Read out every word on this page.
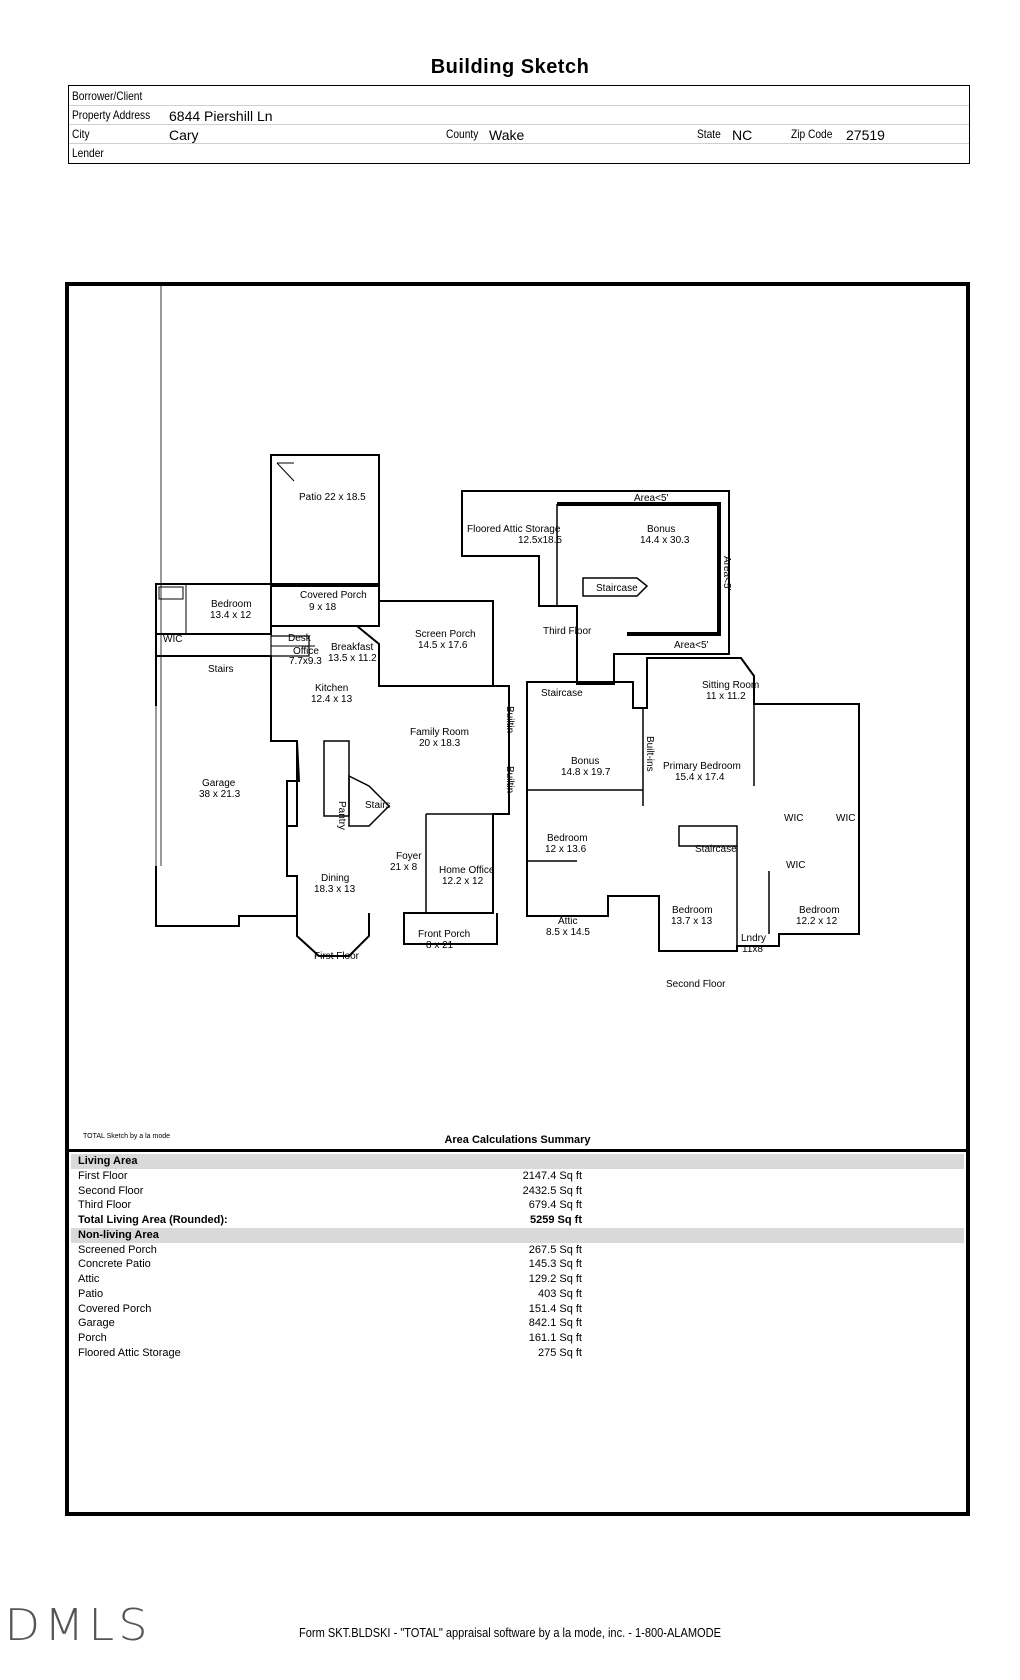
Building Sketch
Borrower/Client
Property Address 6844 Piershill Ln
City	Cary	County Wake	State NC	Zip Code 27519
Lender
Patio 22 x 18.5
Covered Porch
9 x 18
Bedroom
13.4 x 12
WIC
Stairs
Desk
Office
7.7x9.3
Breakfast
13.5 x 11.2
Screen Porch
14.5 x 17.6
Kitchen
12.4 x 13
Family Room
20 x 18.3
Garage
38 x 21.3
Stairs
Foyer
21 x 8
Dining
18.3 x 13
Home Office
12.2 x 12
Front Porch
8 x 21
First Floor
Floored Attic Storage
12.5x18.5
Bonus
14.4 x 30.3
Area<5'
Area<5'
Staircase
Third Floor
Staircase
Sitting Room
11 x 11.2
Bonus
14.8 x 19.7
Primary Bedroom
15.4 x 17.4
WIC	WIC
WIC
Bedroom
12 x 13.6	Staircase
Attic
8.5 x 14.5
Bedroom
13.7 x 13
Lndry
11x8
Bedroom
12.2 x 12
Second Floor
Builtin
Builtin
Pantry
Area<5'
Built-ins
TOTAL Sketch by a la mode	Area Calculations Summary
Living Area
First Floor	2147.4 Sq ft
Second Floor	2432.5 Sq ft
Third Floor	679.4 Sq ft
Total Living Area (Rounded):	5259 Sq ft
Non-living Area
Screened Porch	267.5 Sq ft
Concrete Patio	145.3 Sq ft
Attic	129.2 Sq ft
Patio	403 Sq ft
Covered Porch	151.4 Sq ft
Garage	842.1 Sq ft
Porch	161.1 Sq ft
Floored Attic Storage	275 Sq ft
DMLS	Form SKT.BLDSKI - "TOTAL" appraisal software by a la mode, inc. - 1-800-ALAMODE
